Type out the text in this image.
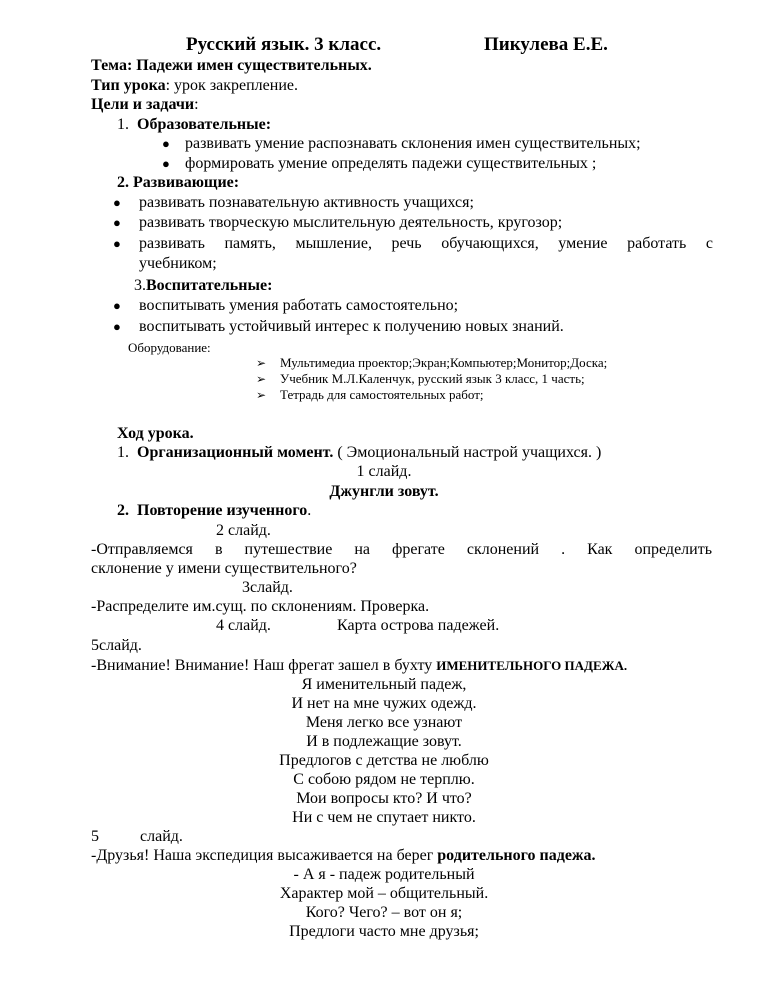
Русский язык. 3 класс.	Пикулева Е.Е.
Тема: Падежи имен существительных.
Тип урока: урок закрепление.
Цели и задачи:
1. Образовательные:
● развивать умение распознавать склонения имен существительных;
● формировать умение определять падежи существительных ;
2. Развивающие:
● развивать познавательную активность учащихся;
● развивать творческую мыслительную деятельность, кругозор;
● развивать память, мышление, речь обучающихся, умение работать с
учебником;
3.Воспитательные:
● воспитывать умения работать самостоятельно;
● воспитывать устойчивый интерес к получению новых знаний.
Оборудование:
➢ Мультимедиа проектор;Экран;Компьютер;Монитор;Доска;
➢ Учебник М.Л.Каленчук, русский язык 3 класс, 1 часть;
➢ Тетрадь для самостоятельных работ;
Ход урока.
1. Организационный момент. ( Эмоциональный настрой учащихся. )
1 слайд.
Джунгли зовут.
2. Повторение изученного.
2 слайд.
-Отправляемся в путешествие на фрегате склонений . Как определить
склонение у имени существительного?
3слайд.
-Распределите им.сущ. по склонениям. Проверка.
4 слайд.	Карта острова падежей.
5слайд.
-Внимание! Внимание! Наш фрегат зашел в бухту ИМЕНИТЕЛЬНОГО ПАДЕЖА.
Я именительный падеж,
И нет на мне чужих одежд.
Меня легко все узнают
И в подлежащие зовут.
Предлогов с детства не люблю
С собою рядом не терплю.
Мои вопросы кто? И что?
Ни с чем не спутает никто.
5	слайд.
-Друзья! Наша экспедиция высаживается на берег родительного падежа.
- А я - падеж родительный
Характер мой – общительный.
Кого? Чего? – вот он я;
Предлоги часто мне друзья;
